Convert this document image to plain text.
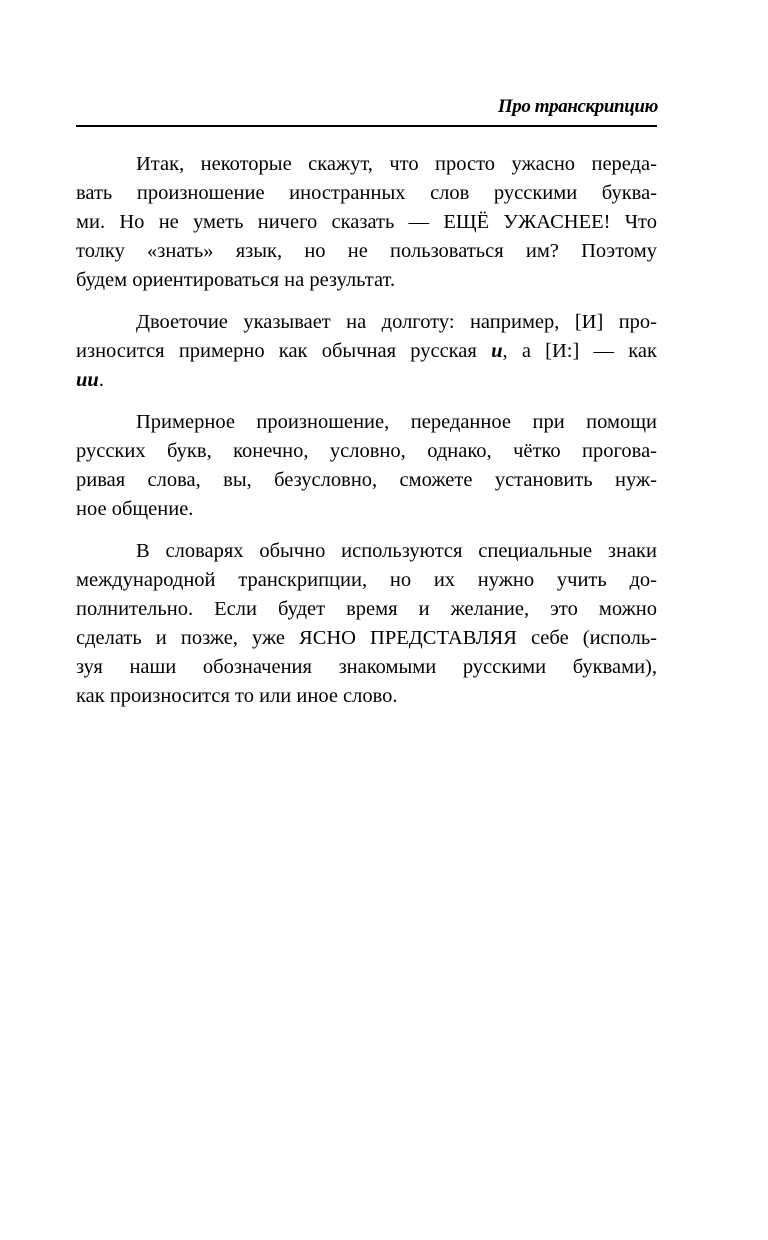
Про транскрипцию
Итак, некоторые скажут, что просто ужасно переда-
вать произношение иностранных слов русскими буква-
ми. Но не уметь ничего сказать — ЕЩЁ УЖАСНЕЕ! Что
толку «знать» язык, но не пользоваться им? Поэтому
будем ориентироваться на результат.
Двоеточие указывает на долготу: например, [И] про-
износится примерно как обычная русская и, а [И:] — как
ии.
Примерное произношение, переданное при помощи
русских букв, конечно, условно, однако, чётко прогова-
ривая слова, вы, безусловно, сможете установить нуж-
ное общение.
В словарях обычно используются специальные знаки
международной транскрипции, но их нужно учить до-
полнительно. Если будет время и желание, это можно
сделать и позже, уже ЯСНО ПРЕДСТАВЛЯЯ себе (исполь-
зуя наши обозначения знакомыми русскими буквами),
как произносится то или иное слово.
